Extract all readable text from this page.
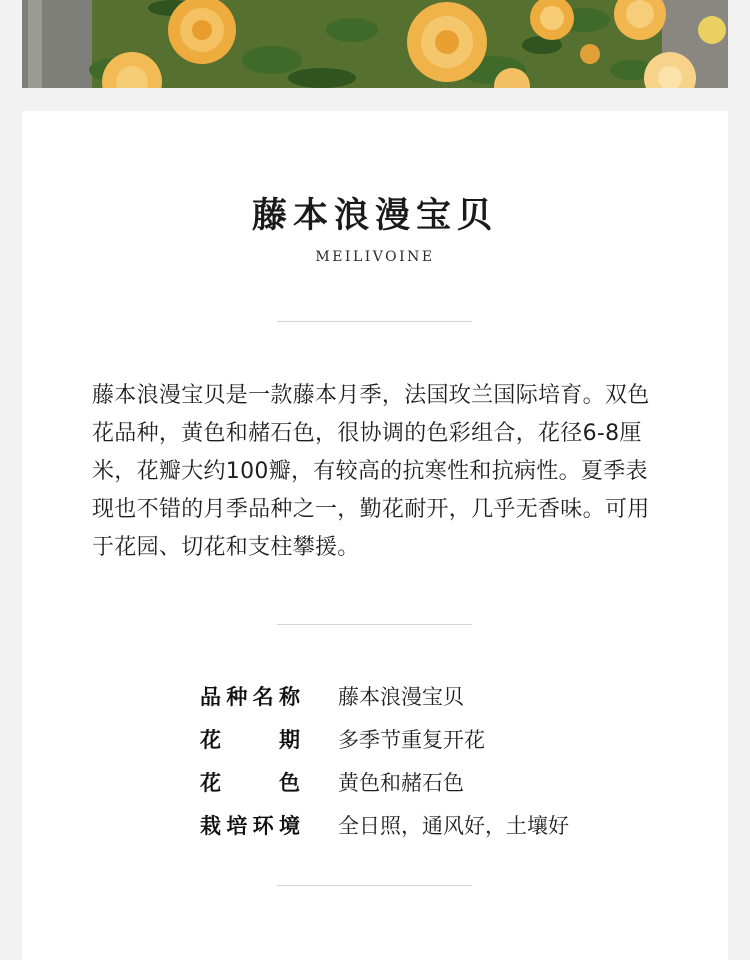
藤本浪漫宝贝
MEILIVOINE
藤本浪漫宝贝是一款藤本月季，法国玫兰国际培育。双色花品种，黄色和赭石色，很协调的色彩组合，花径6-8厘米，花瓣大约100瓣，有较高的抗寒性和抗病性。夏季表现也不错的月季品种之一，勤花耐开，几乎无香味。可用于花园、切花和支柱攀援。
品 种 名 称 藤本浪漫宝贝
花	期 多季节重复开花
花	色 黄色和赭石色
栽 培 环 境 全日照，通风好，土壤好
